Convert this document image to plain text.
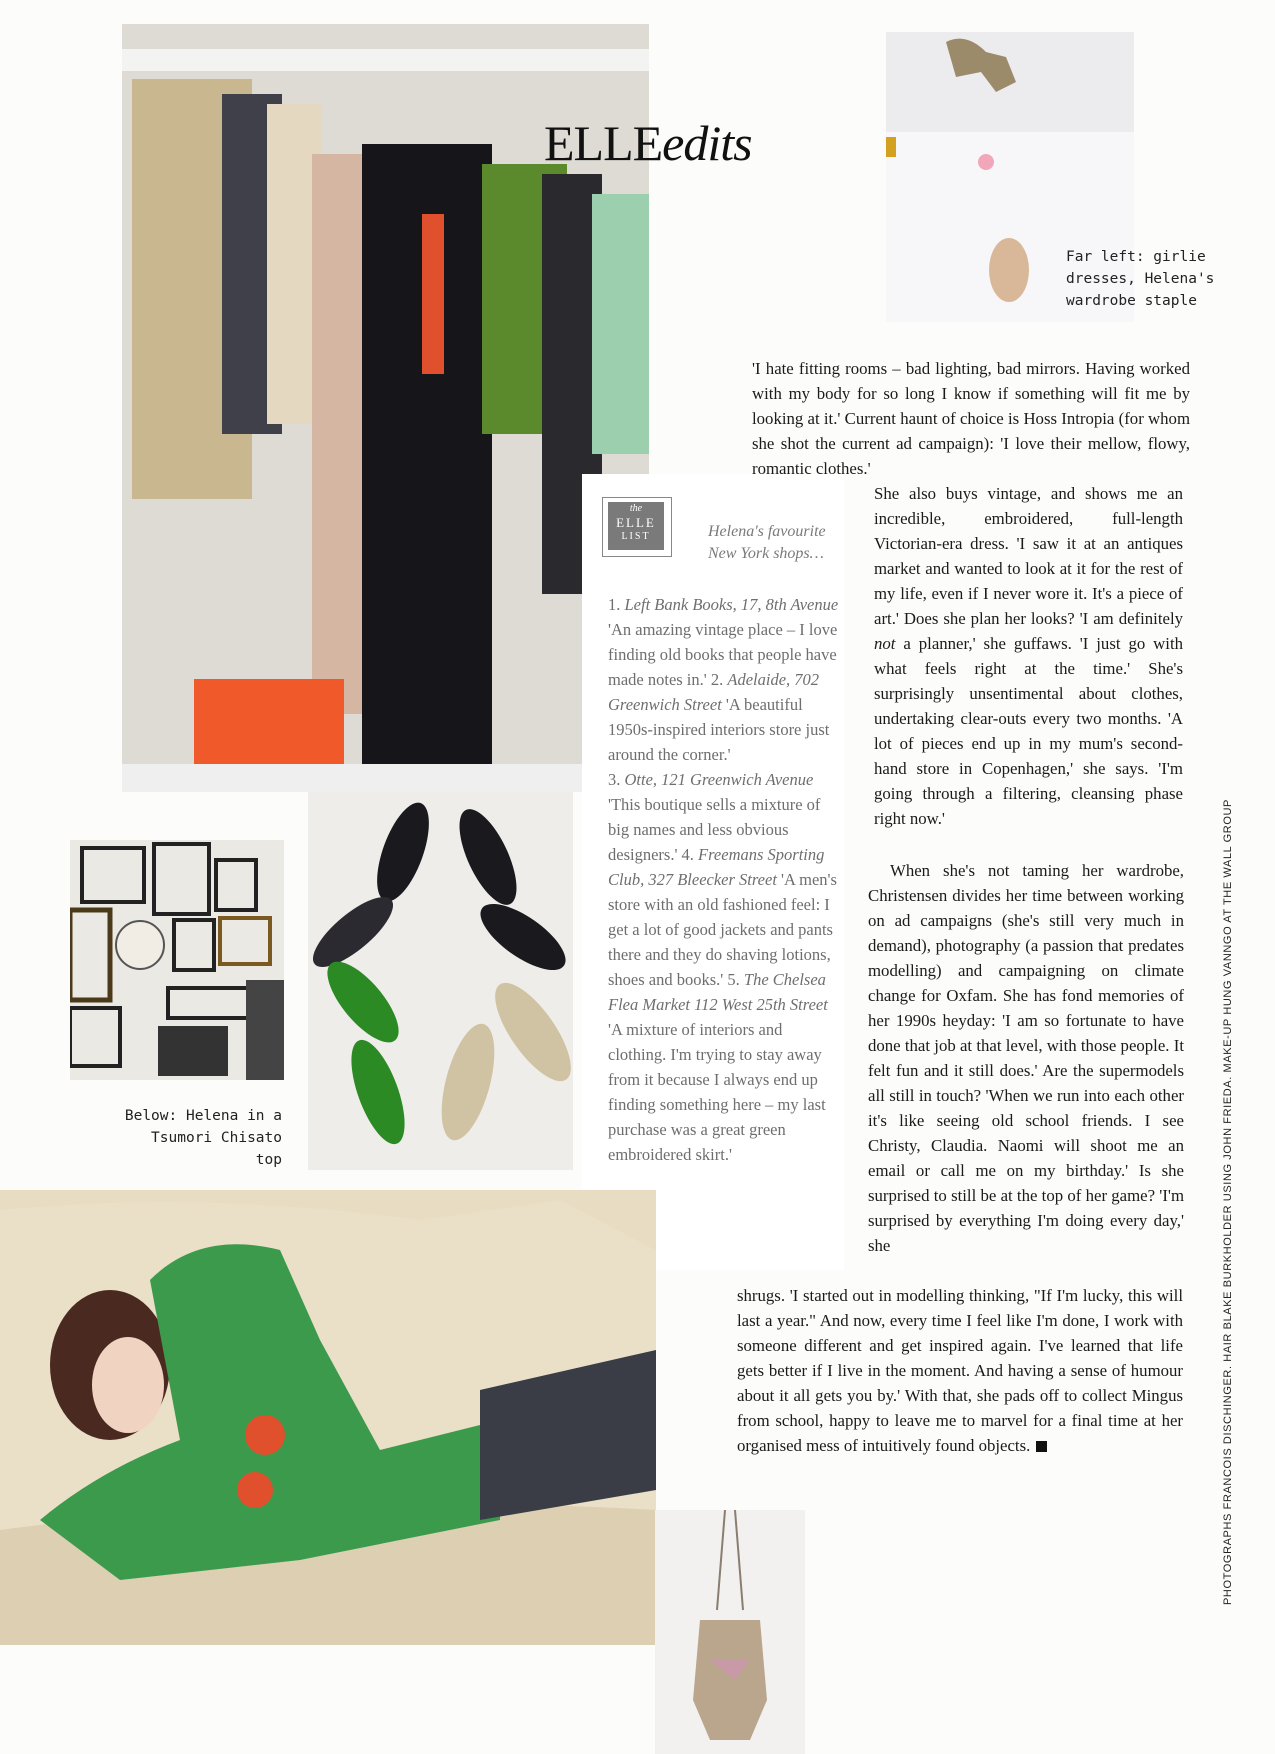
ELLEedits
Far left: girlie dresses, Helena's wardrobe staple
Below: Helena in a Tsumori Chisato top
the
ELLE
LIST	Helena's favourite New York shops…
1. Left Bank Books, 17, 8th Avenue 'An amazing vintage place – I love finding old books that people have made notes in.' 2. Adelaide, 702 Greenwich Street 'A beautiful 1950s-inspired interiors store just around the corner.'
3. Otte, 121 Greenwich Avenue 'This boutique sells a mixture of big names and less obvious designers.' 4. Freemans Sporting Club, 327 Bleecker Street 'A men's store with an old fashioned feel: I get a lot of good jackets and pants there and they do shaving lotions, shoes and books.' 5. The Chelsea Flea Market 112 West 25th Street 'A mixture of interiors and clothing. I'm trying to stay away from it because I always end up finding something here – my last purchase was a great green embroidered skirt.'

'I hate fitting rooms – bad lighting, bad mirrors. Having worked with my body for so long I know if something will fit me by looking at it.' Current haunt of choice is Hoss Intropia (for whom she shot the current ad campaign): 'I love their mellow, flowy, romantic clothes.'

She also buys vintage, and shows me an incredible, embroidered, full-length Victorian-era dress. 'I saw it at an antiques market and wanted to look at it for the rest of my life, even if I never wore it. It's a piece of art.' Does she plan her looks? 'I am definitely not a planner,' she guffaws. 'I just go with what feels right at the time.' She's surprisingly unsentimental about clothes, undertaking clear-outs every two months. 'A lot of pieces end up in my mum's second-hand store in Copenhagen,' she says. 'I'm going through a filtering, cleansing phase right now.'

When she's not taming her wardrobe, Christensen divides her time between working on ad campaigns (she's still very much in demand), photography (a passion that predates modelling) and campaigning on climate change for Oxfam. She has fond memories of her 1990s heyday: 'I am so fortunate to have done that job at that level, with those people. It felt fun and it still does.' Are the supermodels all still in touch? 'When we run into each other it's like seeing old school friends. I see Christy, Claudia. Naomi will shoot me an email or call me on my birthday.' Is she surprised to still be at the top of her game? 'I'm surprised by everything I'm doing every day,' she

shrugs. 'I started out in modelling thinking, "If I'm lucky, this will last a year." And now, every time I feel like I'm done, I work with someone different and get inspired again. I've learned that life gets better if I live in the moment. And having a sense of humour about it all gets you by.' With that, she pads off to collect Mingus from school, happy to leave me to marvel for a final time at her organised mess of intuitively found objects.	PHOTOGRAPHS FRANCOIS DISCHINGER. HAIR BLAKE BURKHOLDER USING JOHN FRIEDA. MAKE-UP HUNG VANNGO AT THE WALL GROUP
